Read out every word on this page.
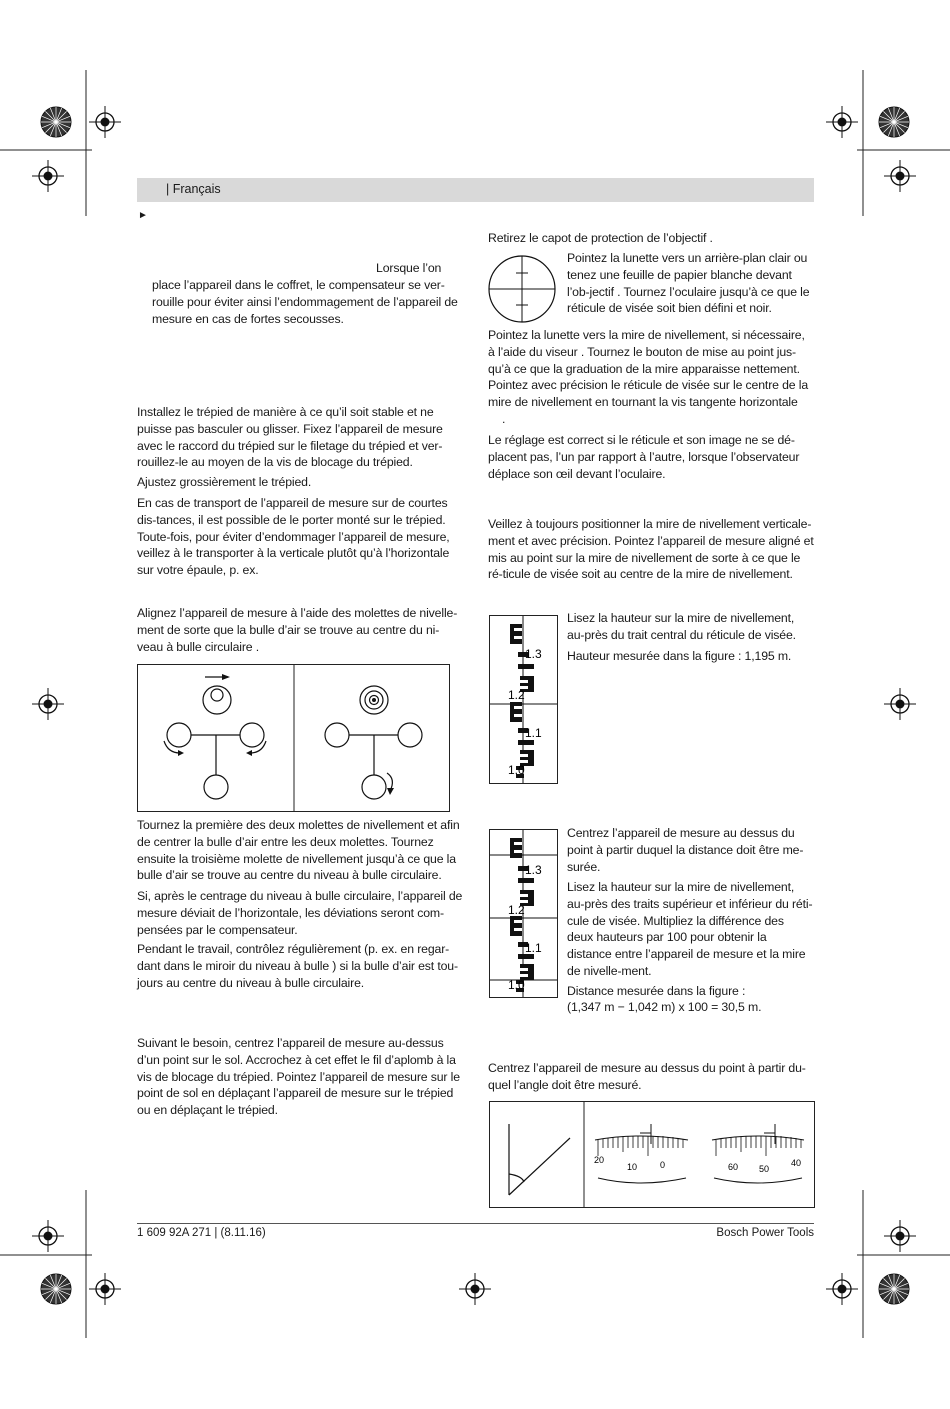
| Français
►
Lorsque l’on

place l’appareil dans le coffret, le compensateur se ver-rouille pour éviter ainsi l’endommagement de l’appareil de mesure en cas de fortes secousses.

Installez le trépied de manière à ce qu’il soit stable et ne puisse pas basculer ou glisser. Fixez l’appareil de mesure avec le raccord du trépied sur le filetage du trépied et ver-rouillez-le au moyen de la vis de blocage du trépied.

Ajustez grossièrement le trépied.

En cas de transport de l’appareil de mesure sur de courtes dis-tances, il est possible de le porter monté sur le trépied. Toute-fois, pour éviter d’endommager l’appareil de mesure, veillez à le transporter à la verticale plutôt qu’à l’horizontale sur votre épaule, p. ex.

Alignez l’appareil de mesure à l’aide des molettes de nivelle-ment de sorte que la bulle d’air se trouve au centre du ni-veau à bulle circulaire .

Tournez la première des deux molettes de nivellement et afin de centrer la bulle d’air entre les deux molettes. Tournez ensuite la troisième molette de nivellement jusqu’à ce que la bulle d’air se trouve au centre du niveau à bulle circulaire.

Si, après le centrage du niveau à bulle circulaire, l’appareil de mesure déviait de l’horizontale, les déviations seront com-pensées par le compensateur.

Pendant le travail, contrôlez régulièrement (p. ex. en regar-dant dans le miroir du niveau à bulle ) si la bulle d’air est tou-jours au centre du niveau à bulle circulaire.

Suivant le besoin, centrez l’appareil de mesure au-dessus d’un point sur le sol. Accrochez à cet effet le fil d’aplomb à la vis de blocage du trépied. Pointez l’appareil de mesure sur le point de sol en déplaçant l’appareil de mesure sur le trépied ou en déplaçant le trépied.

Retirez le capot de protection de l’objectif .

Pointez la lunette vers un arrière-plan clair ou tenez une feuille de papier blanche devant l’ob-jectif . Tournez l’oculaire jusqu’à ce que le réticule de visée soit bien défini et noir.

Pointez la lunette vers la mire de nivellement, si nécessaire, à l’aide du viseur . Tournez le bouton de mise au point jus-qu’à ce que la graduation de la mire apparaisse nettement. Pointez avec précision le réticule de visée sur le centre de la mire de nivellement en tournant la vis tangente horizontale

.

Le réglage est correct si le réticule et son image ne se dé-placent pas, l’un par rapport à l’autre, lorsque l’observateur déplace son œil devant l’oculaire.

Veillez à toujours positionner la mire de nivellement verticale-ment et avec précision. Pointez l’appareil de mesure aligné et mis au point sur la mire de nivellement de sorte à ce que le ré-ticule de visée soit au centre de la mire de nivellement.

1.3
1.2
1.1
1.0

Lisez la hauteur sur la mire de nivellement, au-près du trait central du réticule de visée.

Hauteur mesurée dans la figure : 1,195 m.

1.3
1.2
1.1
1.0

Centrez l’appareil de mesure au dessus du point à partir duquel la distance doit être me-surée.

Lisez la hauteur sur la mire de nivellement, au-près des traits supérieur et inférieur du réti-cule de visée. Multipliez la différence des deux hauteurs par 100 pour obtenir la distance entre l’appareil de mesure et la mire de nivelle-ment.

Distance mesurée dans la figure :

(1,347 m − 1,042 m) x 100 = 30,5 m.

Centrez l’appareil de mesure au dessus du point à partir du-quel l’angle doit être mesuré.

20
10	0	60 50
40
1 609 92A 271 | (8.11.16)	Bosch Power Tools
